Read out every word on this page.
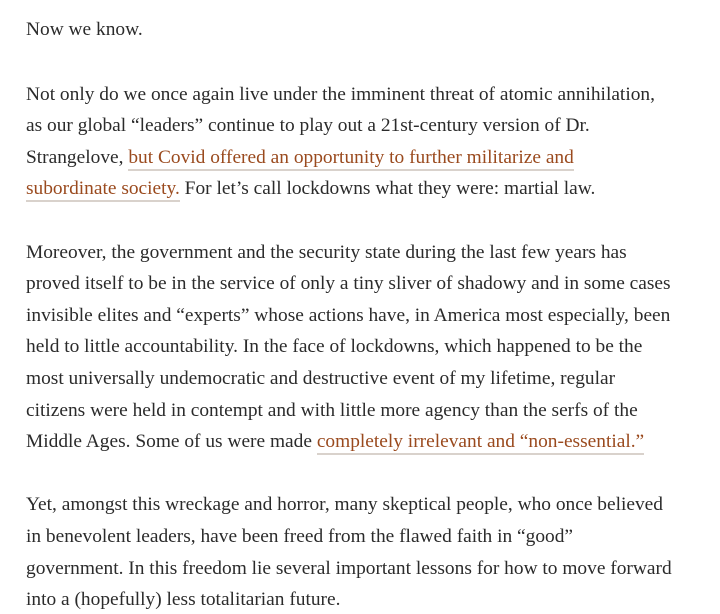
Now we know.

Not only do we once again live under the imminent threat of atomic annihilation,
as our global “leaders” continue to play out a 21st-century version of Dr.
Strangelove, but Covid offered an opportunity to further militarize and
subordinate society. For let’s call lockdowns what they were: martial law.

Moreover, the government and the security state during the last few years has
proved itself to be in the service of only a tiny sliver of shadowy and in some cases
invisible elites and “experts” whose actions have, in America most especially, been
held to little accountability. In the face of lockdowns, which happened to be the
most universally undemocratic and destructive event of my lifetime, regular
citizens were held in contempt and with little more agency than the serfs of the
Middle Ages. Some of us were made completely irrelevant and “non-essential.”

Yet, amongst this wreckage and horror, many skeptical people, who once believed
in benevolent leaders, have been freed from the flawed faith in “good”
government. In this freedom lie several important lessons for how to move forward
into a (hopefully) less totalitarian future.
